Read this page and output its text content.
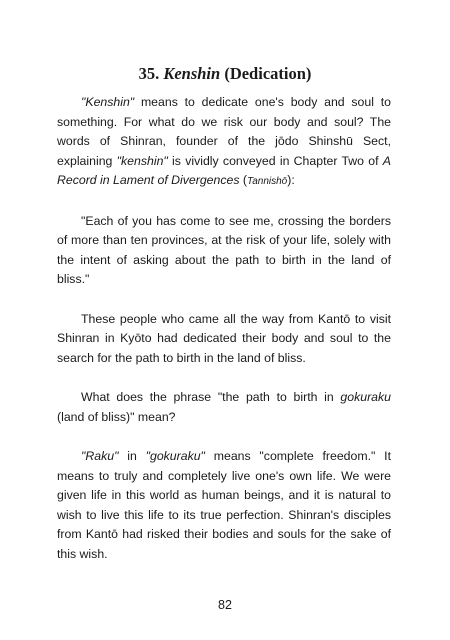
35. Kenshin (Dedication)

"Kenshin" means to dedicate one's body and soul to something. For what do we risk our body and soul? The words of Shinran, founder of the jōdo Shinshū Sect, explaining "kenshin" is vividly conveyed in Chapter Two of A Record in Lament of Divergences (Tannishō):

"Each of you has come to see me, crossing the borders of more than ten provinces, at the risk of your life, solely with the intent of asking about the path to birth in the land of bliss."

These people who came all the way from Kantō to visit Shinran in Kyōto had dedicated their body and soul to the search for the path to birth in the land of bliss.

What does the phrase "the path to birth in gokuraku (land of bliss)" mean?

"Raku" in "gokuraku" means "complete freedom." It means to truly and completely live one's own life. We were given life in this world as human beings, and it is natural to wish to live this life to its true perfection. Shinran's disciples from Kantō had risked their bodies and souls for the sake of this wish.

82
